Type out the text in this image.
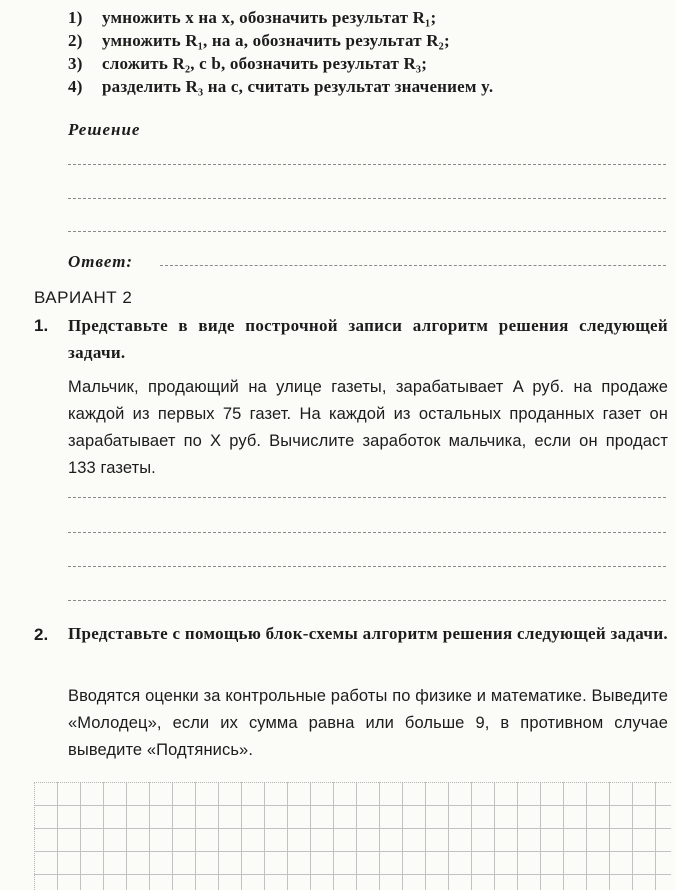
1) умножить x на x, обозначить результат R₁;
2) умножить R₁, на a, обозначить результат R₂;
3) сложить R₂, с b, обозначить результат R₃;
4) разделить R₃ на c, считать результат значением y.
Решение
Ответ:
ВАРИАНТ 2
1. Представьте в виде построчной записи алгоритм решения следующей задачи.
Мальчик, продающий на улице газеты, зарабатывает A руб. на продаже каждой из первых 75 газет. На каждой из остальных проданных газет он зарабатывает по X руб. Вычислите заработок мальчика, если он продаст 133 газеты.
2. Представьте с помощью блок-схемы алгоритм решения следующей задачи.
Вводятся оценки за контрольные работы по физике и математике. Выведите «Молодец», если их сумма равна или больше 9, в противном случае выведите «Подтянись».
